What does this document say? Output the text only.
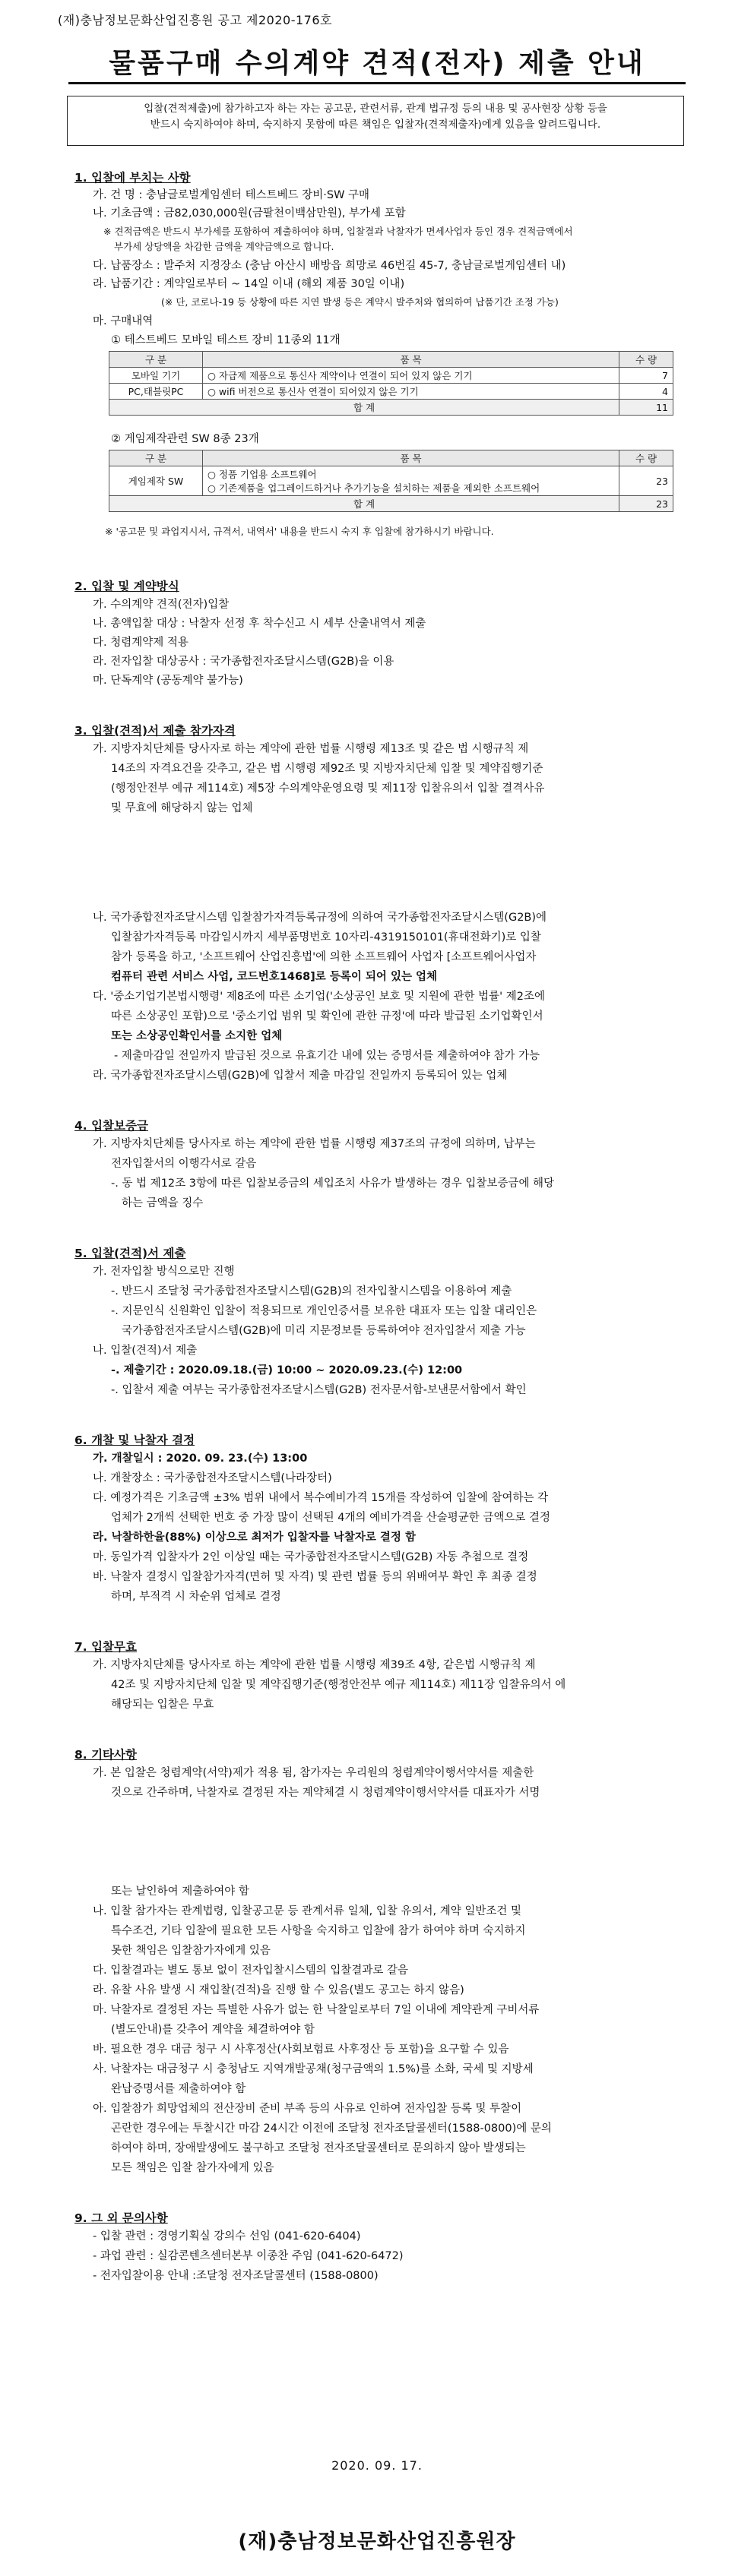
(재)충남정보문화산업진흥원 공고 제2020-176호
물품구매 수의계약 견적(전자) 제출 안내
입찰(견적제출)에 참가하고자 하는 자는 공고문, 관련서류, 관계 법규정 등의 내용 및 공사현장 상황 등을
반드시 숙지하여야 하며, 숙지하지 못함에 따른 책임은 입찰자(견적제출자)에게 있음을 알려드립니다.
1. 입찰에 부치는 사항
가. 건 명 : 충남글로벌게임센터 테스트베드 장비·SW 구매
나. 기초금액 : 금82,030,000원(금팔천이백삼만원), 부가세 포함
※ 견적금액은 반드시 부가세를 포함하여 제출하여야 하며, 입찰결과 낙찰자가 면세사업자 등인 경우 견적금액에서
부가세 상당액을 차감한 금액을 계약금액으로 합니다.
다. 납품장소 : 발주처 지정장소 (충남 아산시 배방읍 희망로 46번길 45-7, 충남글로벌게임센터 내)
라. 납품기간 : 계약일로부터 ~ 14일 이내 (해외 제품 30일 이내)
(※ 단, 코로나-19 등 상황에 따른 지연 발생 등은 계약시 발주처와 협의하여 납품기간 조정 가능)
마. 구매내역
① 테스트베드 모바일 테스트 장비 11종외 11개
구 분	품 목	수 량
모바일 기기	○ 자급제 제품으로 통신사 계약이나 연결이 되어 있지 않은 기기	7
PC,태블릿PC	○ wifi 버전으로 통신사 연결이 되어있지 않은 기기	4
합 계		11
② 게임제작관련 SW 8종 23개
구 분	품 목	수 량
게임제작 SW	○ 정품 기업용 소프트웨어
○ 기존제품을 업그레이드하거나 추가기능을 설치하는 제품을 제외한 소프트웨어	23
합 계		23
※ '공고문 및 과업지시서, 규격서, 내역서' 내용을 반드시 숙지 후 입찰에 참가하시기 바랍니다.
2. 입찰 및 계약방식
가. 수의계약 견적(전자)입찰
나. 총액입찰 대상 : 낙찰자 선정 후 착수신고 시 세부 산출내역서 제출
다. 청렴계약제 적용
라. 전자입찰 대상공사 : 국가종합전자조달시스템(G2B)을 이용
마. 단독계약 (공동계약 불가능)
3. 입찰(견적)서 제출 참가자격
가. 지방자치단체를 당사자로 하는 계약에 관한 법률 시행령 제13조 및 같은 법 시행규칙 제
14조의 자격요건을 갖추고, 같은 법 시행령 제92조 및 지방자치단체 입찰 및 계약집행기준
(행정안전부 예규 제114호) 제5장 수의계약운영요령 및 제11장 입찰유의서 입찰 결격사유
및 무효에 해당하지 않는 업체
나. 국가종합전자조달시스템 입찰참가자격등록규정에 의하여 국가종합전자조달시스템(G2B)에
입찰참가자격등록 마감일시까지 세부품명번호 10자리-4319150101(휴대전화기)로 입찰
참가 등록을 하고, '소프트웨어 산업진흥법'에 의한 소프트웨어 사업자 [소프트웨어사업자
컴퓨터 관련 서비스 사업, 코드번호1468]로 등록이 되어 있는 업체
다. '중소기업기본법시행령' 제8조에 따른 소기업('소상공인 보호 및 지원에 관한 법률' 제2조에
따른 소상공인 포함)으로 '중소기업 범위 및 확인에 관한 규정'에 따라 발급된 소기업확인서
또는 소상공인확인서를 소지한 업체
- 제출마감일 전일까지 발급된 것으로 유효기간 내에 있는 증명서를 제출하여야 참가 가능
라. 국가종합전자조달시스템(G2B)에 입찰서 제출 마감일 전일까지 등록되어 있는 업체
4. 입찰보증금
가. 지방자치단체를 당사자로 하는 계약에 관한 법률 시행령 제37조의 규정에 의하며, 납부는
전자입찰서의 이행각서로 갈음
-. 동 법 제12조 3항에 따른 입찰보증금의 세입조치 사유가 발생하는 경우 입찰보증금에 해당
하는 금액을 징수
5. 입찰(견적)서 제출
가. 전자입찰 방식으로만 진행
-. 반드시 조달청 국가종합전자조달시스템(G2B)의 전자입찰시스템을 이용하여 제출
-. 지문인식 신원확인 입찰이 적용되므로 개인인증서를 보유한 대표자 또는 입찰 대리인은
국가종합전자조달시스템(G2B)에 미리 지문정보를 등록하여야 전자입찰서 제출 가능
나. 입찰(견적)서 제출
-. 제출기간 : 2020.09.18.(금) 10:00 ~ 2020.09.23.(수) 12:00
-. 입찰서 제출 여부는 국가종합전자조달시스템(G2B) 전자문서함-보낸문서함에서 확인
6. 개찰 및 낙찰자 결정
가. 개찰일시 : 2020. 09. 23.(수) 13:00
나. 개찰장소 : 국가종합전자조달시스템(나라장터)
다. 예정가격은 기초금액 ±3% 범위 내에서 복수예비가격 15개를 작성하여 입찰에 참여하는 각
업체가 2개씩 선택한 번호 중 가장 많이 선택된 4개의 예비가격을 산술평균한 금액으로 결정
라. 낙찰하한율(88%) 이상으로 최저가 입찰자를 낙찰자로 결정 함
마. 동일가격 입찰자가 2인 이상일 때는 국가종합전자조달시스템(G2B) 자동 추첨으로 결정
바. 낙찰자 결정시 입찰참가자격(면허 및 자격) 및 관련 법률 등의 위배여부 확인 후 최종 결정
하며, 부적격 시 차순위 업체로 결정
7. 입찰무효
가. 지방자치단체를 당사자로 하는 계약에 관한 법률 시행령 제39조 4항, 같은법 시행규칙 제
42조 및 지방자치단체 입찰 및 계약집행기준(행정안전부 예규 제114호) 제11장 입찰유의서 에
해당되는 입찰은 무효
8. 기타사항
가. 본 입찰은 청렴계약(서약)제가 적용 됨, 참가자는 우리원의 청렴계약이행서약서를 제출한
것으로 간주하며, 낙찰자로 결정된 자는 계약체결 시 청렴계약이행서약서를 대표자가 서명
또는 날인하여 제출하여야 함
나. 입찰 참가자는 관계법령, 입찰공고문 등 관계서류 일체, 입찰 유의서, 계약 일반조건 및
특수조건, 기타 입찰에 필요한 모든 사항을 숙지하고 입찰에 참가 하여야 하며 숙지하지
못한 책임은 입찰참가자에게 있음
다. 입찰결과는 별도 통보 없이 전자입찰시스템의 입찰결과로 갈음
라. 유찰 사유 발생 시 재입찰(견적)을 진행 할 수 있음(별도 공고는 하지 않음)
마. 낙찰자로 결정된 자는 특별한 사유가 없는 한 낙찰일로부터 7일 이내에 계약관계 구비서류
(별도안내)를 갖추어 계약을 체결하여야 함
바. 필요한 경우 대금 청구 시 사후정산(사회보험료 사후정산 등 포함)을 요구할 수 있음
사. 낙찰자는 대금청구 시 충청남도 지역개발공채(청구금액의 1.5%)를 소화, 국세 및 지방세
완납증명서를 제출하여야 함
아. 입찰참가 희망업체의 전산장비 준비 부족 등의 사유로 인하여 전자입찰 등록 및 투찰이
곤란한 경우에는 투찰시간 마감 24시간 이전에 조달청 전자조달콜센터(1588-0800)에 문의
하여야 하며, 장애발생에도 불구하고 조달청 전자조달콜센터로 문의하지 않아 발생되는
모든 책임은 입찰 참가자에게 있음
9. 그 외 문의사항
- 입찰 관련 : 경영기획실 강의수 선임 (041-620-6404)
- 과업 관련 : 실감콘텐츠센터본부 이종찬 주임 (041-620-6472)
- 전자입찰이용 안내 :조달청 전자조달콜센터 (1588-0800)
2020. 09. 17.
(재)충남정보문화산업진흥원장
